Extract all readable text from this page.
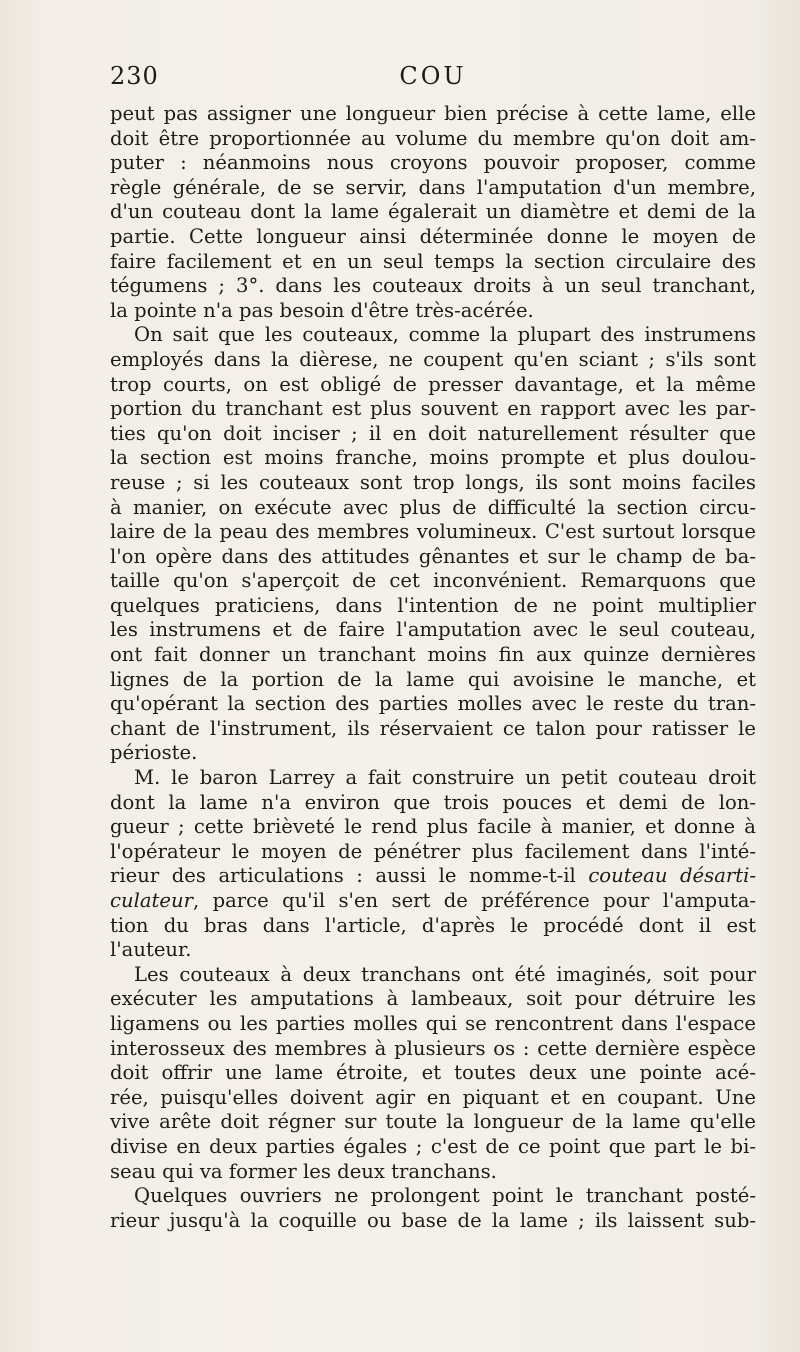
230	COU
peut pas assigner une longueur bien précise à cette lame, elle
doit être proportionnée au volume du membre qu'on doit am-
puter : néanmoins nous croyons pouvoir proposer, comme
règle générale, de se servir, dans l'amputation d'un membre,
d'un couteau dont la lame égalerait un diamètre et demi de la
partie. Cette longueur ainsi déterminée donne le moyen de
faire facilement et en un seul temps la section circulaire des
tégumens ; 3°. dans les couteaux droits à un seul tranchant,
la pointe n'a pas besoin d'être très-acérée.
On sait que les couteaux, comme la plupart des instrumens
employés dans la dièrese, ne coupent qu'en sciant ; s'ils sont
trop courts, on est obligé de presser davantage, et la même
portion du tranchant est plus souvent en rapport avec les par-
ties qu'on doit inciser ; il en doit naturellement résulter que
la section est moins franche, moins prompte et plus doulou-
reuse ; si les couteaux sont trop longs, ils sont moins faciles
à manier, on exécute avec plus de difficulté la section circu-
laire de la peau des membres volumineux. C'est surtout lorsque
l'on opère dans des attitudes gênantes et sur le champ de ba-
taille qu'on s'aperçoit de cet inconvénient. Remarquons que
quelques praticiens, dans l'intention de ne point multiplier
les instrumens et de faire l'amputation avec le seul couteau,
ont fait donner un tranchant moins fin aux quinze dernières
lignes de la portion de la lame qui avoisine le manche, et
qu'opérant la section des parties molles avec le reste du tran-
chant de l'instrument, ils réservaient ce talon pour ratisser le
périoste.
M. le baron Larrey a fait construire un petit couteau droit
dont la lame n'a environ que trois pouces et demi de lon-
gueur ; cette brièveté le rend plus facile à manier, et donne à
l'opérateur le moyen de pénétrer plus facilement dans l'inté-
rieur des articulations : aussi le nomme-t-il couteau désarti-
culateur, parce qu'il s'en sert de préférence pour l'amputa-
tion du bras dans l'article, d'après le procédé dont il est
l'auteur.
Les couteaux à deux tranchans ont été imaginés, soit pour
exécuter les amputations à lambeaux, soit pour détruire les
ligamens ou les parties molles qui se rencontrent dans l'espace
interosseux des membres à plusieurs os : cette dernière espèce
doit offrir une lame étroite, et toutes deux une pointe acé-
rée, puisqu'elles doivent agir en piquant et en coupant. Une
vive arête doit régner sur toute la longueur de la lame qu'elle
divise en deux parties égales ; c'est de ce point que part le bi-
seau qui va former les deux tranchans.
Quelques ouvriers ne prolongent point le tranchant posté-
rieur jusqu'à la coquille ou base de la lame ; ils laissent sub-
